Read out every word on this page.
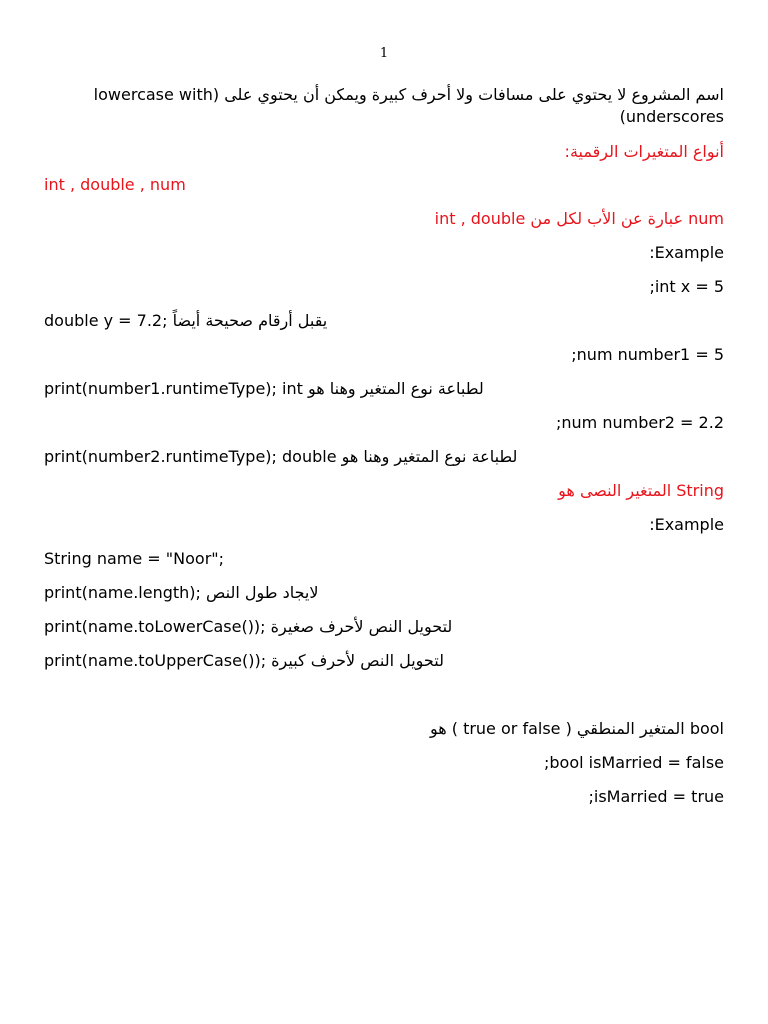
1
اسم المشروع لا يحتوي على مسافات ولا أحرف كبيرة ويمكن أن يحتوي على (lowercase with underscores)
أنواع المتغيرات الرقمية:
int , double , num
num عبارة عن الأب لكل من int , double
Example:
int x = 5;
double y = 7.2; يقبل أرقام صحيحة أيضاً
num number1 = 5;
print(number1.runtimeType); int لطباعة نوع المتغير وهنا هو
num number2 = 2.2;
print(number2.runtimeType); double لطباعة نوع المتغير وهنا هو
String المتغير النصى هو
Example:
String name = "Noor";
print(name.length); لايجاد طول النص
print(name.toLowerCase()); لتحويل النص لأحرف صغيرة
print(name.toUpperCase()); لتحويل النص لأحرف كبيرة
bool المتغير المنطقي ( true or false ) هو
bool isMarried = false;
isMarried = true;
